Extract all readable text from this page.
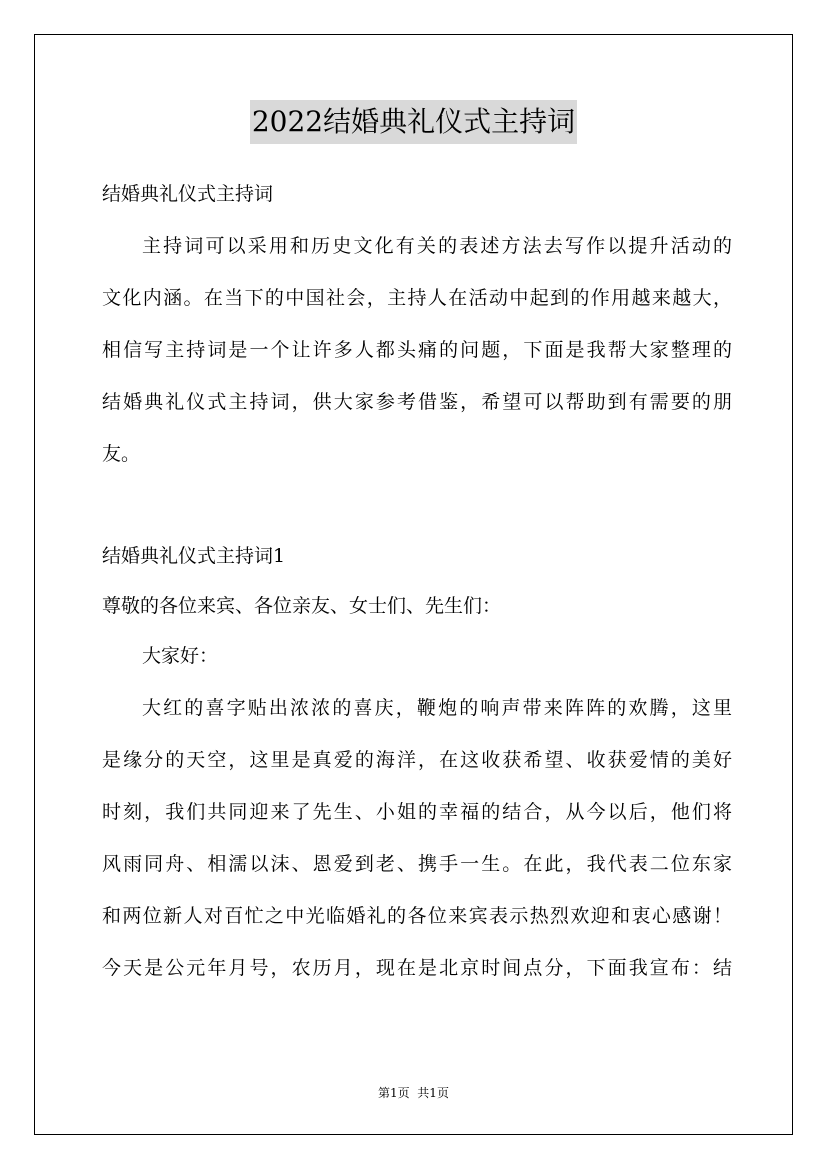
2022结婚典礼仪式主持词
结婚典礼仪式主持词
主持词可以采用和历史文化有关的表述方法去写作以提升活动的
文化内涵。在当下的中国社会，主持人在活动中起到的作用越来越大，
相信写主持词是一个让许多人都头痛的问题，下面是我帮大家整理的
结婚典礼仪式主持词，供大家参考借鉴，希望可以帮助到有需要的朋
友。
结婚典礼仪式主持词1
尊敬的各位来宾、各位亲友、女士们、先生们：
大家好：
大红的喜字贴出浓浓的喜庆，鞭炮的响声带来阵阵的欢腾，这里
是缘分的天空，这里是真爱的海洋，在这收获希望、收获爱情的美好
时刻，我们共同迎来了先生、小姐的幸福的结合，从今以后，他们将
风雨同舟、相濡以沫、恩爱到老、携手一生。在此，我代表二位东家
和两位新人对百忙之中光临婚礼的各位来宾表示热烈欢迎和衷心感谢！
今天是公元年月号，农历月，现在是北京时间点分，下面我宣布：结
第1页  共1页
